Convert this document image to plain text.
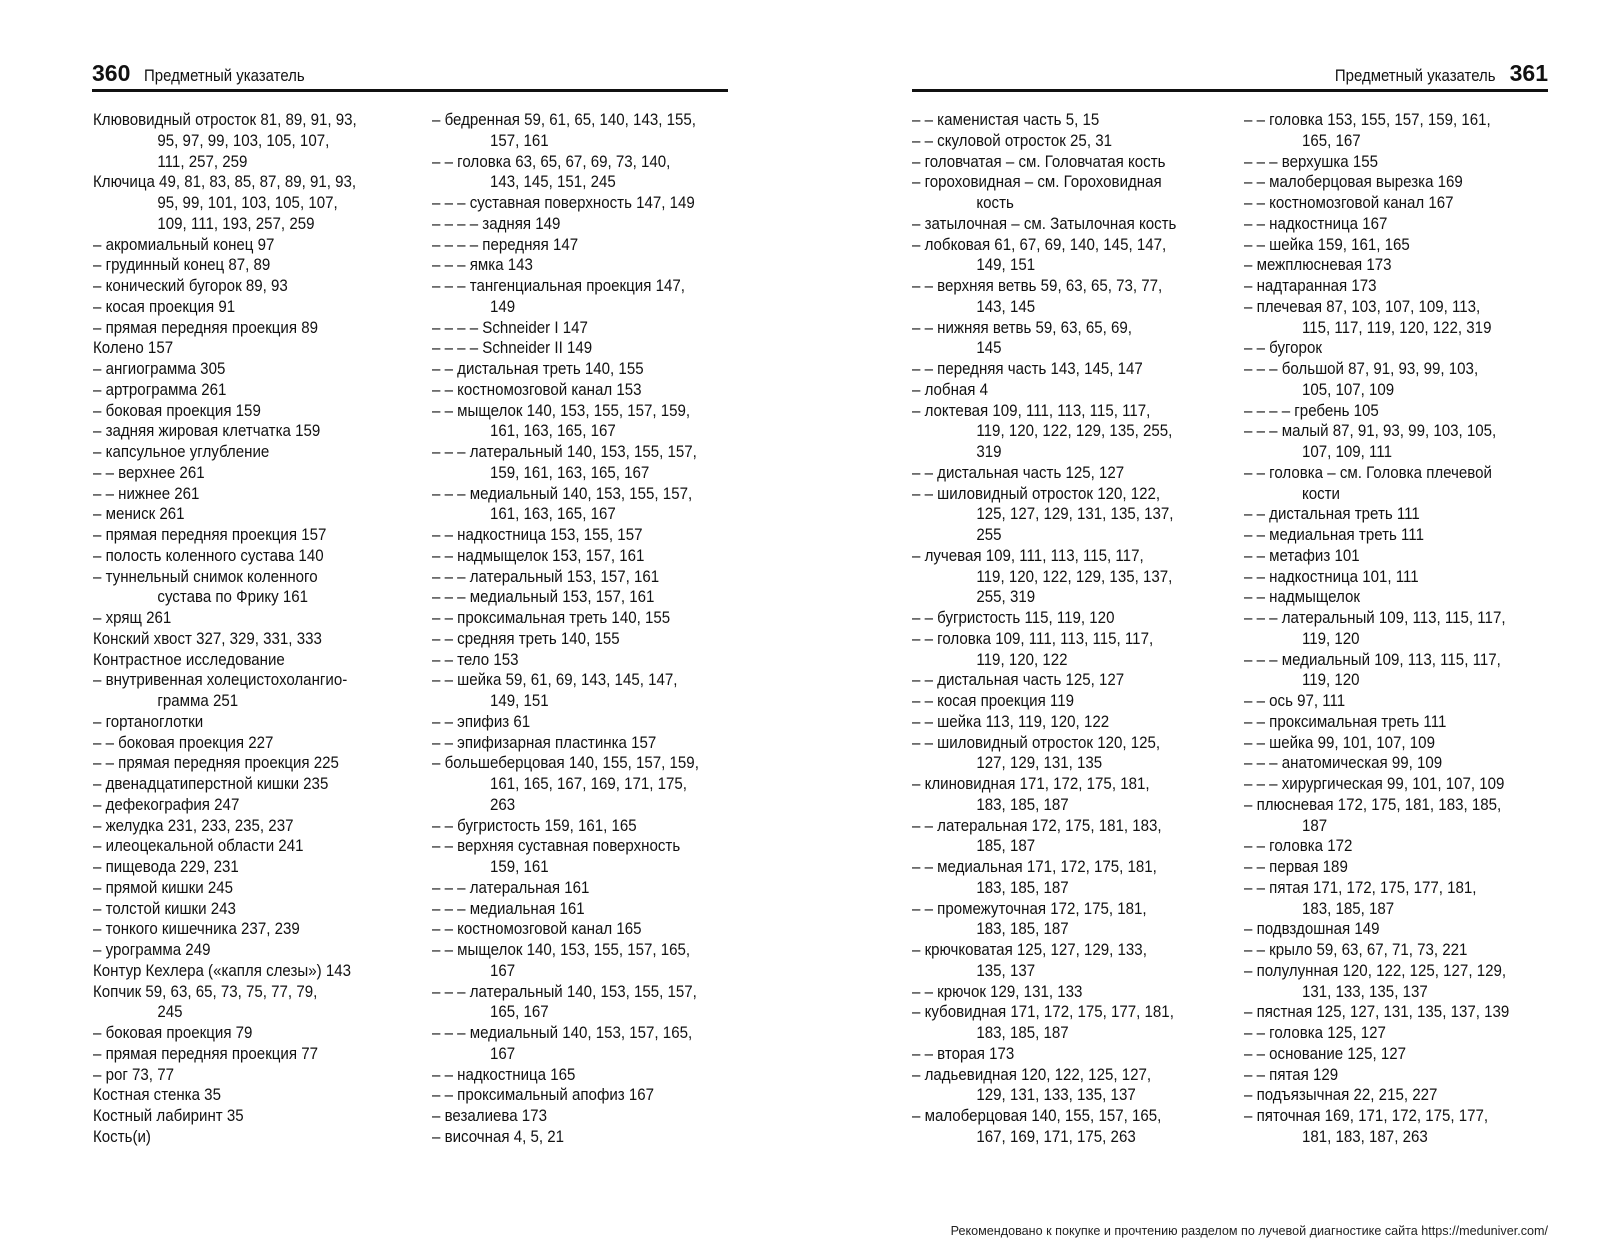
360 Предметный указатель	Предметный указатель 361
Клювовидный отросток 81, 89, 91, 93,
95, 97, 99, 103, 105, 107,
111, 257, 259
Ключица 49, 81, 83, 85, 87, 89, 91, 93,
95, 99, 101, 103, 105, 107,
109, 111, 193, 257, 259
– акромиальный конец 97
– грудинный конец 87, 89
– конический бугорок 89, 93
– косая проекция 91
– прямая передняя проекция 89
Колено 157
– ангиограмма 305
– артрограмма 261
– боковая проекция 159
– задняя жировая клетчатка 159
– капсульное углубление
– – верхнее 261
– – нижнее 261
– мениск 261
– прямая передняя проекция 157
– полость коленного сустава 140
– туннельный снимок коленного
сустава по Фрику 161
– хрящ 261
Конский хвост 327, 329, 331, 333
Контрастное исследование
– внутривенная холецистохолангио-
грамма 251
– гортаноглотки
– – боковая проекция 227
– – прямая передняя проекция 225
– двенадцатиперстной кишки 235
– дефекография 247
– желудка 231, 233, 235, 237
– илеоцекальной области 241
– пищевода 229, 231
– прямой кишки 245
– толстой кишки 243
– тонкого кишечника 237, 239
– урограмма 249
Контур Кехлера («капля слезы») 143
Копчик 59, 63, 65, 73, 75, 77, 79,
245
– боковая проекция 79
– прямая передняя проекция 77
– рог 73, 77
Костная стенка 35
Костный лабиринт 35
Кость(и)
– бедренная 59, 61, 65, 140, 143, 155,
157, 161
– – головка 63, 65, 67, 69, 73, 140,
143, 145, 151, 245
– – – суставная поверхность 147, 149
– – – – задняя 149
– – – – передняя 147
– – – ямка 143
– – – тангенциальная проекция 147,
149
– – – – Schneider I 147
– – – – Schneider II 149
– – дистальная треть 140, 155
– – костномозговой канал 153
– – мыщелок 140, 153, 155, 157, 159,
161, 163, 165, 167
– – – латеральный 140, 153, 155, 157,
159, 161, 163, 165, 167
– – – медиальный 140, 153, 155, 157,
161, 163, 165, 167
– – надкостница 153, 155, 157
– – надмыщелок 153, 157, 161
– – – латеральный 153, 157, 161
– – – медиальный 153, 157, 161
– – проксимальная треть 140, 155
– – средняя треть 140, 155
– – тело 153
– – шейка 59, 61, 69, 143, 145, 147,
149, 151
– – эпифиз 61
– – эпифизарная пластинка 157
– большеберцовая 140, 155, 157, 159,
161, 165, 167, 169, 171, 175,
263
– – бугристость 159, 161, 165
– – верхняя суставная поверхность
159, 161
– – – латеральная 161
– – – медиальная 161
– – костномозговой канал 165
– – мыщелок 140, 153, 155, 157, 165,
167
– – – латеральный 140, 153, 155, 157,
165, 167
– – – медиальный 140, 153, 157, 165,
167
– – надкостница 165
– – проксимальный апофиз 167
– везалиева 173
– височная 4, 5, 21
– – каменистая часть 5, 15
– – скуловой отросток 25, 31
– головчатая – см. Головчатая кость
– гороховидная – см. Гороховидная
кость
– затылочная – см. Затылочная кость
– лобковая 61, 67, 69, 140, 145, 147,
149, 151
– – верхняя ветвь 59, 63, 65, 73, 77,
143, 145
– – нижняя ветвь 59, 63, 65, 69,
145
– – передняя часть 143, 145, 147
– лобная 4
– локтевая 109, 111, 113, 115, 117,
119, 120, 122, 129, 135, 255,
319
– – дистальная часть 125, 127
– – шиловидный отросток 120, 122,
125, 127, 129, 131, 135, 137,
255
– лучевая 109, 111, 113, 115, 117,
119, 120, 122, 129, 135, 137,
255, 319
– – бугристость 115, 119, 120
– – головка 109, 111, 113, 115, 117,
119, 120, 122
– – дистальная часть 125, 127
– – косая проекция 119
– – шейка 113, 119, 120, 122
– – шиловидный отросток 120, 125,
127, 129, 131, 135
– клиновидная 171, 172, 175, 181,
183, 185, 187
– – латеральная 172, 175, 181, 183,
185, 187
– – медиальная 171, 172, 175, 181,
183, 185, 187
– – промежуточная 172, 175, 181,
183, 185, 187
– крючковатая 125, 127, 129, 133,
135, 137
– – крючок 129, 131, 133
– кубовидная 171, 172, 175, 177, 181,
183, 185, 187
– – вторая 173
– ладьевидная 120, 122, 125, 127,
129, 131, 133, 135, 137
– малоберцовая 140, 155, 157, 165,
167, 169, 171, 175, 263
– – головка 153, 155, 157, 159, 161,
165, 167
– – – верхушка 155
– – малоберцовая вырезка 169
– – костномозговой канал 167
– – надкостница 167
– – шейка 159, 161, 165
– межплюсневая 173
– надтаранная 173
– плечевая 87, 103, 107, 109, 113,
115, 117, 119, 120, 122, 319
– – бугорок
– – – большой 87, 91, 93, 99, 103,
105, 107, 109
– – – – гребень 105
– – – малый 87, 91, 93, 99, 103, 105,
107, 109, 111
– – головка – см. Головка плечевой
кости
– – дистальная треть 111
– – медиальная треть 111
– – метафиз 101
– – надкостница 101, 111
– – надмыщелок
– – – латеральный 109, 113, 115, 117,
119, 120
– – – медиальный 109, 113, 115, 117,
119, 120
– – ось 97, 111
– – проксимальная треть 111
– – шейка 99, 101, 107, 109
– – – анатомическая 99, 109
– – – хирургическая 99, 101, 107, 109
– плюсневая 172, 175, 181, 183, 185,
187
– – головка 172
– – первая 189
– – пятая 171, 172, 175, 177, 181,
183, 185, 187
– подвздошная 149
– – крыло 59, 63, 67, 71, 73, 221
– полулунная 120, 122, 125, 127, 129,
131, 133, 135, 137
– пястная 125, 127, 131, 135, 137, 139
– – головка 125, 127
– – основание 125, 127
– – пятая 129
– подъязычная 22, 215, 227
– пяточная 169, 171, 172, 175, 177,
181, 183, 187, 263
Рекомендовано к покупке и прочтению разделом по лучевой диагностике сайта https://meduniver.com/
